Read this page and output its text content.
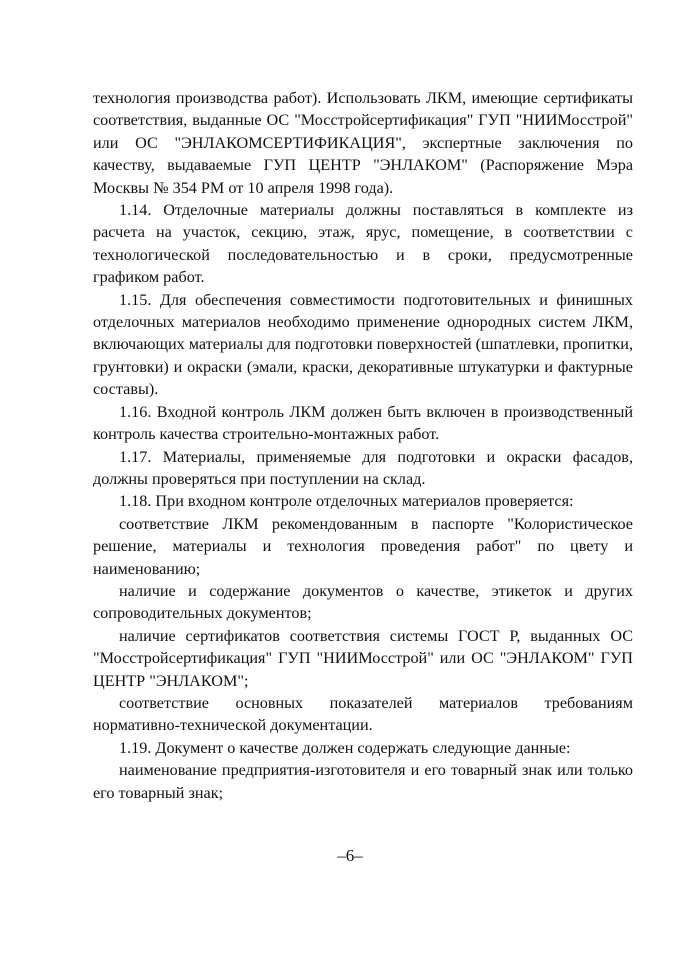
технология производства работ). Использовать ЛКМ, имеющие сертификаты соответствия, выданные ОС "Мосстройсертификация" ГУП "НИИМосстрой" или ОС "ЭНЛАКОМСЕРТИФИКАЦИЯ", экспертные заключения по качеству, выдаваемые ГУП ЦЕНТР "ЭНЛАКОМ" (Распоряжение Мэра Москвы № 354 РМ от 10 апреля 1998 года).

1.14. Отделочные материалы должны поставляться в комплекте из расчета на участок, секцию, этаж, ярус, помещение, в соответствии с технологической последовательностью и в сроки, предусмотренные графиком работ.

1.15. Для обеспечения совместимости подготовительных и финишных отделочных материалов необходимо применение однородных систем ЛКМ, включающих материалы для подготовки поверхностей (шпатлевки, пропитки, грунтовки) и окраски (эмали, краски, декоративные штукатурки и фактурные составы).

1.16. Входной контроль ЛКМ должен быть включен в производственный контроль качества строительно-монтажных работ.

1.17. Материалы, применяемые для подготовки и окраски фасадов, должны проверяться при поступлении на склад.

1.18. При входном контроле отделочных материалов проверяется:

соответствие ЛКМ рекомендованным в паспорте "Колористическое решение, материалы и технология проведения работ" по цвету и наименованию;

наличие и содержание документов о качестве, этикеток и других сопроводительных документов;

наличие сертификатов соответствия системы ГОСТ Р, выданных ОС "Мосстройсертификация" ГУП "НИИМосстрой" или ОС "ЭНЛАКОМ" ГУП ЦЕНТР "ЭНЛАКОМ";

соответствие основных показателей материалов требованиям нормативно-технической документации.

1.19. Документ о качестве должен содержать следующие данные:

наименование предприятия-изготовителя и его товарный знак или только его товарный знак;

–6–
